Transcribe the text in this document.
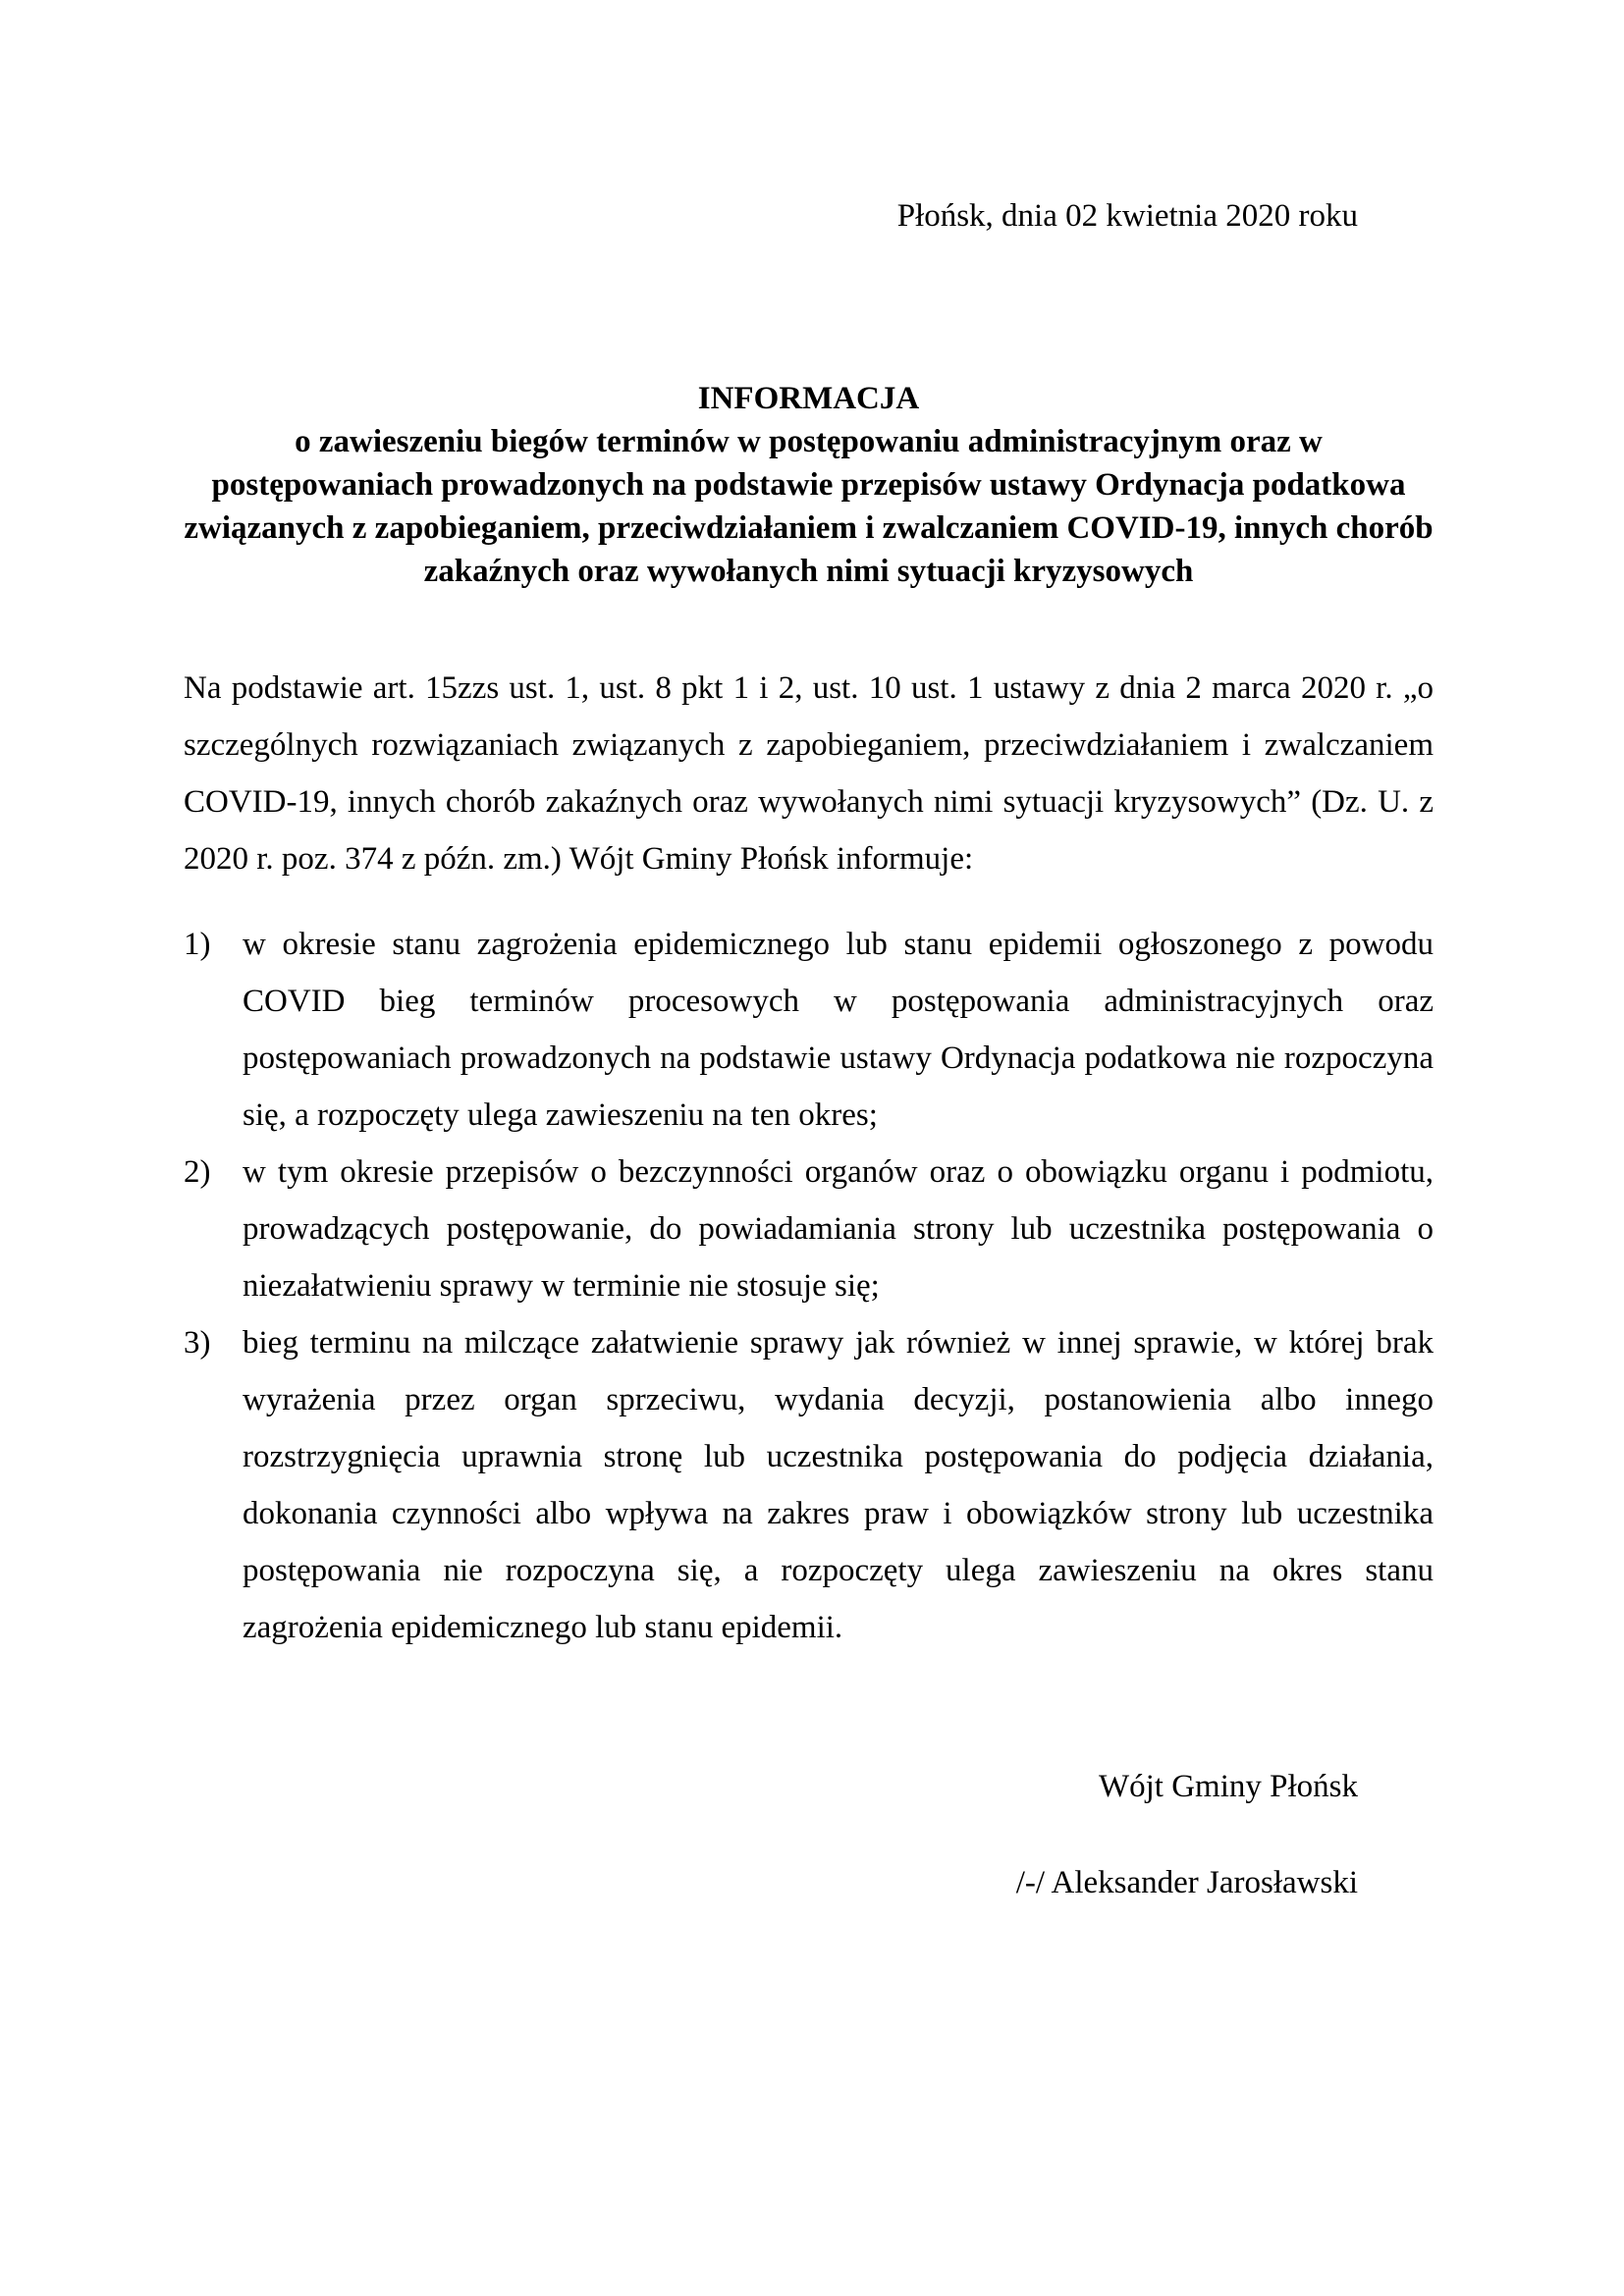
Płońsk, dnia 02 kwietnia 2020 roku
INFORMACJA
o zawieszeniu biegów terminów w postępowaniu administracyjnym oraz w postępowaniach prowadzonych na podstawie przepisów ustawy Ordynacja podatkowa związanych z zapobieganiem, przeciwdziałaniem i zwalczaniem COVID-19, innych chorób zakaźnych oraz wywołanych nimi sytuacji kryzysowych
Na podstawie art. 15zzs ust. 1, ust. 8 pkt 1 i 2, ust. 10 ust. 1 ustawy z dnia 2 marca 2020 r. „o szczególnych rozwiązaniach związanych z zapobieganiem, przeciwdziałaniem i zwalczaniem COVID-19, innych chorób zakaźnych oraz wywołanych nimi sytuacji kryzysowych” (Dz. U. z 2020 r. poz. 374 z późn. zm.) Wójt Gminy Płońsk informuje:
1) w okresie stanu zagrożenia epidemicznego lub stanu epidemii ogłoszonego z powodu COVID bieg terminów procesowych w postępowania administracyjnych oraz postępowaniach prowadzonych na podstawie ustawy Ordynacja podatkowa nie rozpoczyna się, a rozpoczęty ulega zawieszeniu na ten okres;
2) w tym okresie przepisów o bezczynności organów oraz o obowiązku organu i podmiotu, prowadzących postępowanie, do powiadamiania strony lub uczestnika postępowania o niezałatwieniu sprawy w terminie nie stosuje się;
3) bieg terminu na milczące załatwienie sprawy jak również w innej sprawie, w której brak wyrażenia przez organ sprzeciwu, wydania decyzji, postanowienia albo innego rozstrzygnięcia uprawnia stronę lub uczestnika postępowania do podjęcia działania, dokonania czynności albo wpływa na zakres praw i obowiązków strony lub uczestnika postępowania nie rozpoczyna się, a rozpoczęty ulega zawieszeniu na okres stanu zagrożenia epidemicznego lub stanu epidemii.
Wójt Gminy Płońsk
/-/ Aleksander Jarosławski
